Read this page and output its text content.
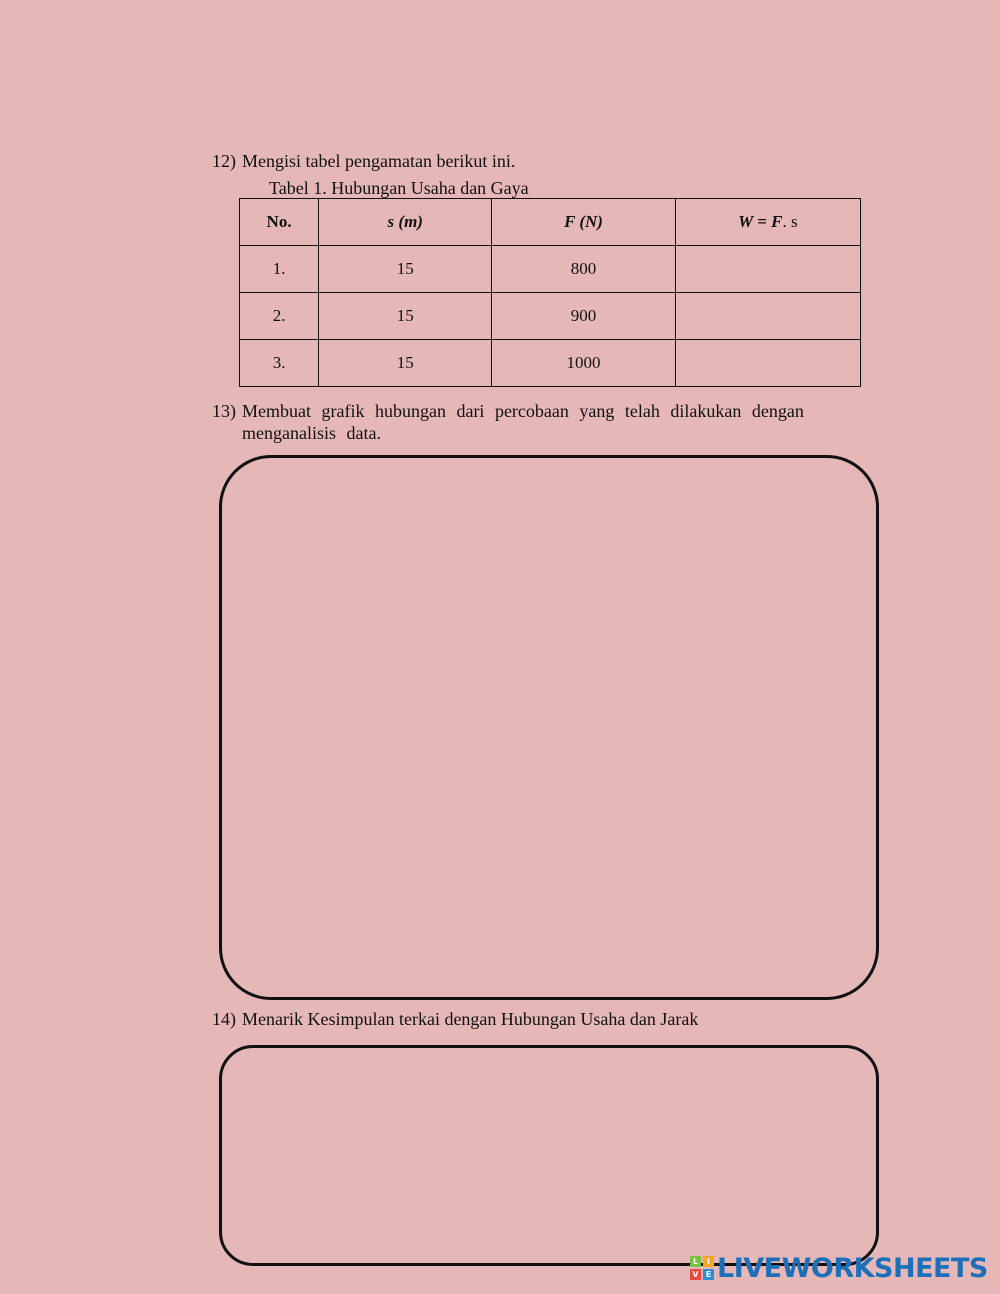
12) Mengisi tabel pengamatan berikut ini.
Tabel 1. Hubungan Usaha dan Gaya
No.	s (m)	F (N)	W = F. s
1.	15	800	
2.	15	900	
3.	15	1000	
13) Membuat grafik hubungan dari percobaan yang telah dilakukan dengan
menganalisis data.
14) Menarik Kesimpulan terkai dengan Hubungan Usaha dan Jarak
L	I
V E LIVEWORKSHEETS
